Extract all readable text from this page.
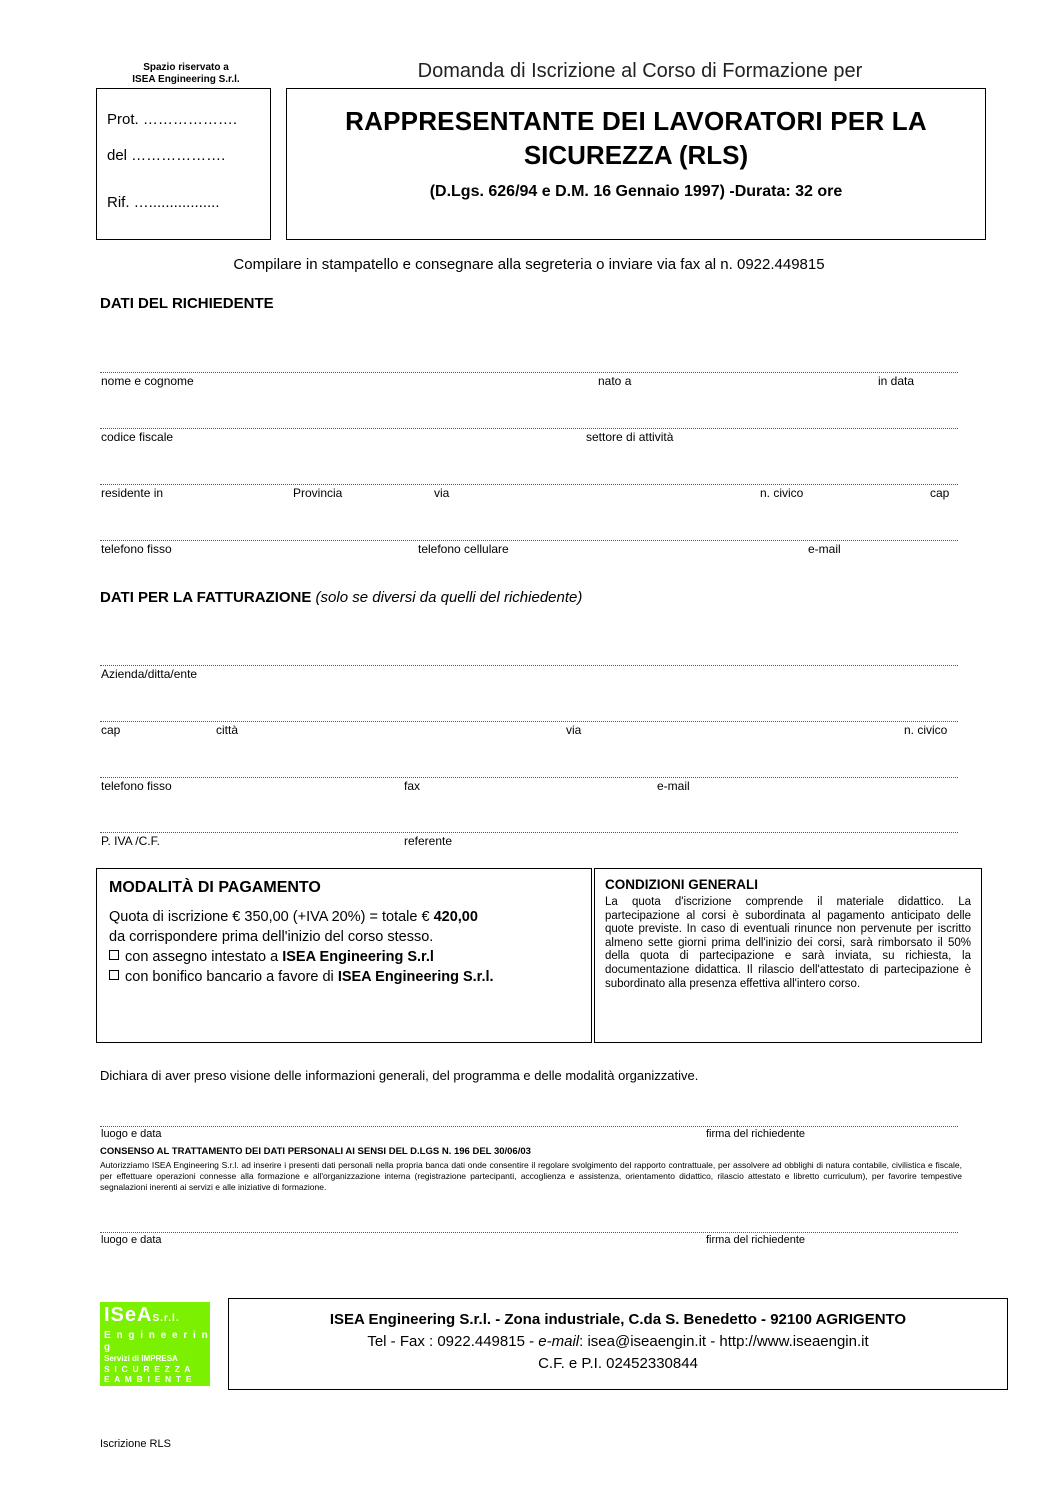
Spazio riservato a
ISEA Engineering S.r.l.
Prot. ……………….
del ……………….
Rif. ….................
Domanda di Iscrizione al Corso di Formazione per
RAPPRESENTANTE DEI LAVORATORI PER LA
SICUREZZA (RLS)
(D.Lgs. 626/94 e D.M. 16 Gennaio 1997) -Durata: 32 ore
Compilare in stampatello e consegnare alla segreteria o inviare via fax al n. 0922.449815
DATI DEL RICHIEDENTE
nome e cognome	nato a	in data
codice fiscale	settore di attività
residente in	Provincia	via	n. civico	cap
telefono fisso	telefono cellulare	e-mail
DATI PER LA FATTURAZIONE (solo se diversi da quelli del richiedente)
Azienda/ditta/ente
cap	città	via	n. civico
telefono fisso	fax	e-mail
P. IVA /C.F.	referente
MODALITÀ DI PAGAMENTO
Quota di iscrizione € 350,00 (+IVA 20%) = totale € 420,00
da corrispondere prima dell'inizio del corso stesso.
con assegno intestato a ISEA Engineering S.r.l
con bonifico bancario a favore di ISEA Engineering S.r.l.
CONDIZIONI GENERALI
La quota d'iscrizione comprende il materiale didattico. La partecipazione al corsi è subordinata al pagamento anticipato delle quote previste. In caso di eventuali rinunce non pervenute per iscritto almeno sette giorni prima dell'inizio dei corsi, sarà rimborsato il 50% della quota di partecipazione e sarà inviata, su richiesta, la documentazione didattica. Il rilascio dell'attestato di partecipazione è subordinato alla presenza effettiva all'intero corso.
Dichiara di aver preso visione delle informazioni generali, del programma e delle modalità organizzative.
luogo e data	firma del richiedente
CONSENSO AL TRATTAMENTO DEI DATI PERSONALI AI SENSI DEL D.LGS N. 196 DEL 30/06/03
Autorizziamo ISEA Engineering S.r.l. ad inserire i presenti dati personali nella propria banca dati onde consentire il regolare svolgimento del rapporto contrattuale, per assolvere ad obblighi di natura contabile, civilistica e fiscale, per effettuare operazioni connesse alla formazione e all'organizzazione interna (registrazione partecipanti, accoglienza e assistenza, orientamento didattico, rilascio attestato e libretto curriculum), per favorire tempestive segnalazioni inerenti ai servizi e alle iniziative di formazione.
luogo e data	firma del richiedente
ISeAS.r.l.
E n g i n e e r i n g
Servizi di IMPRESA
S I C U R E Z Z A
E A M B I E N T E
ISEA Engineering S.r.l. - Zona industriale, C.da S. Benedetto - 92100 AGRIGENTO
Tel - Fax : 0922.449815 - e-mail: isea@iseaengin.it - http://www.iseaengin.it
C.F. e P.I. 02452330844
Iscrizione RLS
